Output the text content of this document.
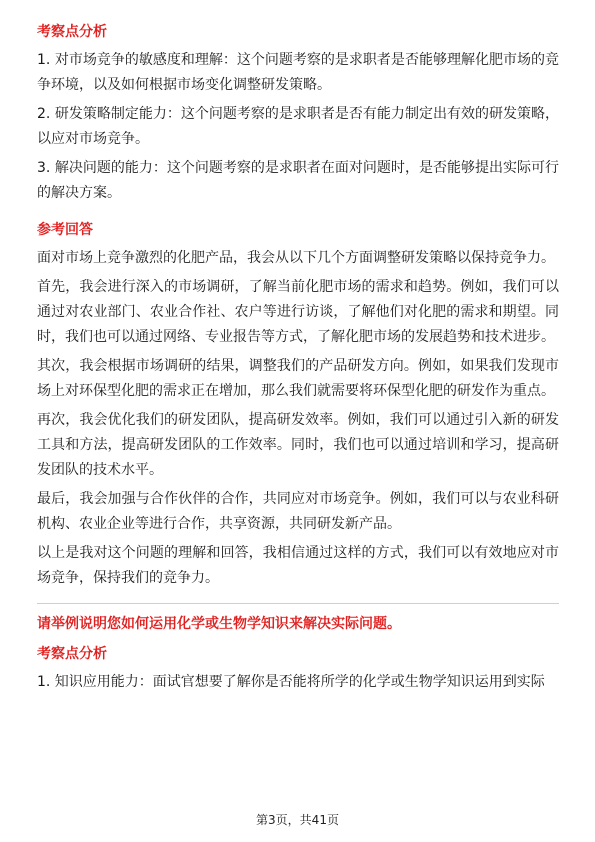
考察点分析
1. 对市场竞争的敏感度和理解：这个问题考察的是求职者是否能够理解化肥市场的竞争环境，以及如何根据市场变化调整研发策略。
2. 研发策略制定能力：这个问题考察的是求职者是否有能力制定出有效的研发策略，以应对市场竞争。
3. 解决问题的能力：这个问题考察的是求职者在面对问题时，是否能够提出实际可行的解决方案。
参考回答
面对市场上竞争激烈的化肥产品，我会从以下几个方面调整研发策略以保持竞争力。
首先，我会进行深入的市场调研，了解当前化肥市场的需求和趋势。例如，我们可以通过对农业部门、农业合作社、农户等进行访谈，了解他们对化肥的需求和期望。同时，我们也可以通过网络、专业报告等方式，了解化肥市场的发展趋势和技术进步。
其次，我会根据市场调研的结果，调整我们的产品研发方向。例如，如果我们发现市场上对环保型化肥的需求正在增加，那么我们就需要将环保型化肥的研发作为重点。
再次，我会优化我们的研发团队，提高研发效率。例如，我们可以通过引入新的研发工具和方法，提高研发团队的工作效率。同时，我们也可以通过培训和学习，提高研发团队的技术水平。
最后，我会加强与合作伙伴的合作，共同应对市场竞争。例如，我们可以与农业科研机构、农业企业等进行合作，共享资源，共同研发新产品。
以上是我对这个问题的理解和回答，我相信通过这样的方式，我们可以有效地应对市场竞争，保持我们的竞争力。
请举例说明您如何运用化学或生物学知识来解决实际问题。
考察点分析
1. 知识应用能力：面试官想要了解你是否能将所学的化学或生物学知识运用到实际
第3页，共41页
